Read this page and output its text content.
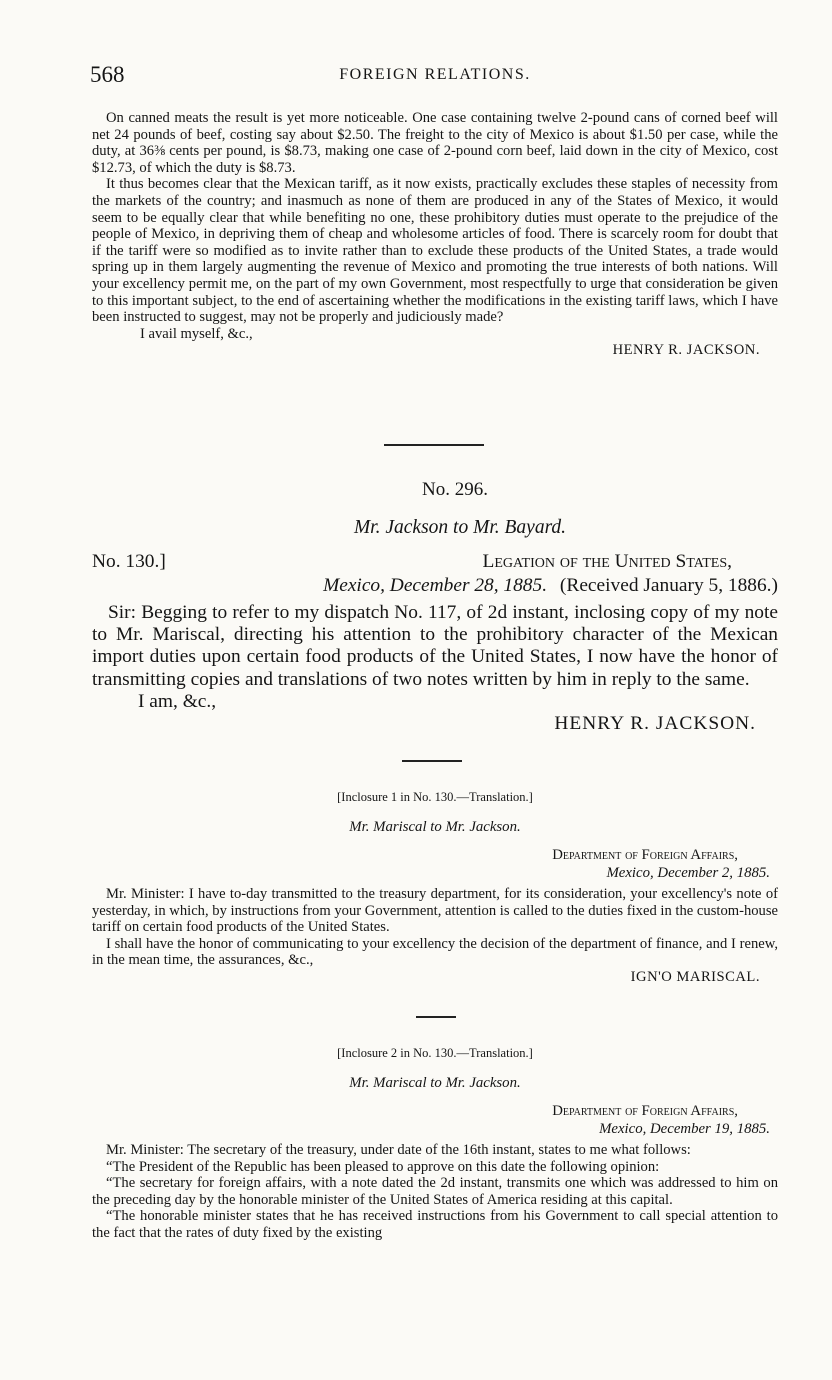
568	FOREIGN RELATIONS.

On canned meats the result is yet more noticeable. One case containing twelve 2-pound cans of corned beef will net 24 pounds of beef, costing say about $2.50. The freight to the city of Mexico is about $1.50 per case, while the duty, at 36⅜ cents per pound, is $8.73, making one case of 2-pound corn beef, laid down in the city of Mexico, cost $12.73, of which the duty is $8.73.

It thus becomes clear that the Mexican tariff, as it now exists, practically excludes these staples of necessity from the markets of the country; and inasmuch as none of them are produced in any of the States of Mexico, it would seem to be equally clear that while benefiting no one, these prohibitory duties must operate to the prejudice of the people of Mexico, in depriving them of cheap and wholesome articles of food. There is scarcely room for doubt that if the tariff were so modified as to invite rather than to exclude these products of the United States, a trade would spring up in them largely augmenting the revenue of Mexico and promoting the true interests of both nations. Will your excellency permit me, on the part of my own Government, most respectfully to urge that consideration be given to this important subject, to the end of ascertaining whether the modifications in the existing tariff laws, which I have been instructed to suggest, may not be properly and judiciously made?

I avail myself, &c.,

HENRY R. JACKSON.

No. 296.
Mr. Jackson to Mr. Bayard.
No. 130.]	Legation of the United States,
Mexico, December 28, 1885. (Received January 5, 1886.)

Sir: Begging to refer to my dispatch No. 117, of 2d instant, inclosing copy of my note to Mr. Mariscal, directing his attention to the prohibitory character of the Mexican import duties upon certain food products of the United States, I now have the honor of transmitting copies and translations of two notes written by him in reply to the same.

I am, &c.,

HENRY R. JACKSON.

[Inclosure 1 in No. 130.—Translation.]
Mr. Mariscal to Mr. Jackson.
Department of Foreign Affairs,
Mexico, December 2, 1885.

Mr. Minister: I have to-day transmitted to the treasury department, for its consideration, your excellency's note of yesterday, in which, by instructions from your Government, attention is called to the duties fixed in the custom-house tariff on certain food products of the United States.

I shall have the honor of communicating to your excellency the decision of the department of finance, and I renew, in the mean time, the assurances, &c.,

IGN'O MARISCAL.

[Inclosure 2 in No. 130.—Translation.]
Mr. Mariscal to Mr. Jackson.
Department of Foreign Affairs,
Mexico, December 19, 1885.

Mr. Minister: The secretary of the treasury, under date of the 16th instant, states to me what follows:

“The President of the Republic has been pleased to approve on this date the following opinion:

“The secretary for foreign affairs, with a note dated the 2d instant, transmits one which was addressed to him on the preceding day by the honorable minister of the United States of America residing at this capital.

“The honorable minister states that he has received instructions from his Government to call special attention to the fact that the rates of duty fixed by the existing
